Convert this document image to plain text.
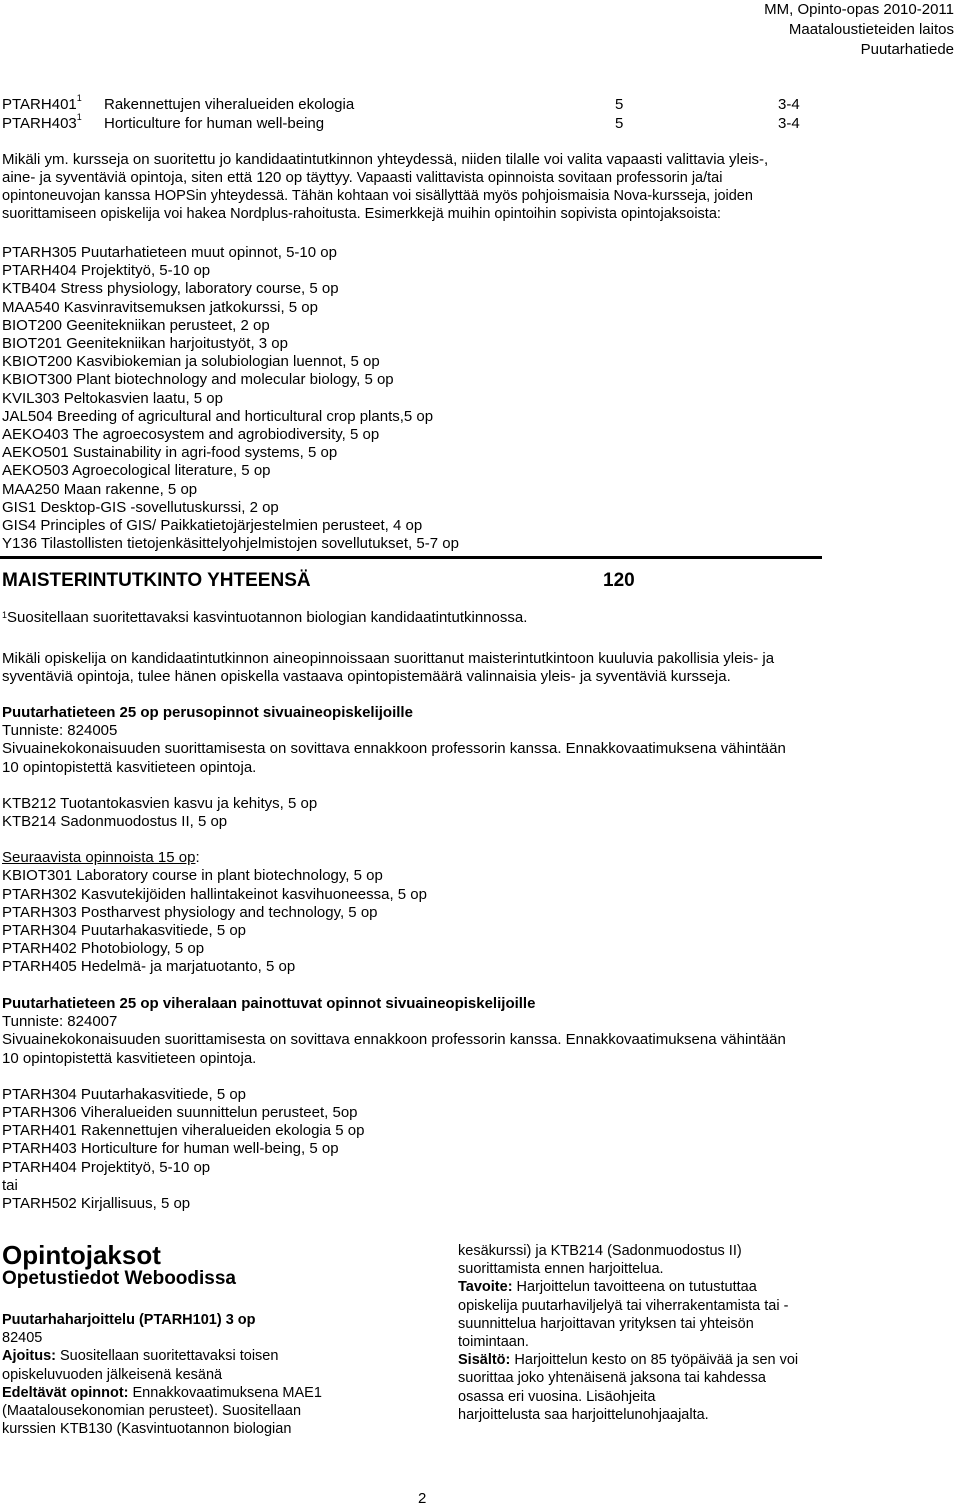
MM, Opinto-opas 2010-2011
Maataloustieteiden laitos
Puutarhatiede
$PTARH401^1$ Rakennettujen viheralueiden ekologia	5	3-4
$PTARH403^1$ Horticulture for human well-being	5	3-4
Mikäli ym. kursseja on suoritettu jo kandidaatintutkinnon yhteydessä, niiden tilalle voi valita vapaasti valittavia yleis-,
aine- ja syventäviä opintoja, siten että 120 op täyttyy. Vapaasti valittavista opinnoista sovitaan professorin ja/tai
opintoneuvojan kanssa HOPSin yhteydessä. Tähän kohtaan voi sisällyttää myös pohjoismaisia Nova-kursseja, joiden
suorittamiseen opiskelija voi hakea Nordplus-rahoitusta. Esimerkkejä muihin opintoihin sopivista opintojaksoista:
PTARH305 Puutarhatieteen muut opinnot, 5-10 op
PTARH404 Projektityö, 5-10 op
KTB404 Stress physiology, laboratory course, 5 op
MAA540 Kasvinravitsemuksen jatkokurssi, 5 op
BIOT200 Geenitekniikan perusteet, 2 op
BIOT201 Geenitekniikan harjoitustyöt, 3 op
KBIOT200 Kasvibiokemian ja solubiologian luennot, 5 op
KBIOT300 Plant biotechnology and molecular biology, 5 op
KVIL303 Peltokasvien laatu, 5 op
JAL504 Breeding of agricultural and horticultural crop plants,5 op
AEKO403 The agroecosystem and agrobiodiversity, 5 op
AEKO501 Sustainability in agri-food systems, 5 op
AEKO503 Agroecological literature, 5 op
MAA250 Maan rakenne, 5 op
GIS1 Desktop-GIS -sovellutuskurssi, 2 op
GIS4 Principles of GIS/ Paikkatietojärjestelmien perusteet, 4 op
Y136 Tilastollisten tietojenkäsittelyohjelmistojen sovellutukset, 5-7 op
MAISTERINTUTKINTO YHTEENSÄ	120
$^1$Suositellaan suoritettavaksi kasvintuotannon biologian kandidaatintutkinnossa.
Mikäli opiskelija on kandidaatintutkinnon aineopinnoissaan suorittanut maisterintutkintoon kuuluvia pakollisia yleis- ja
syventäviä opintoja, tulee hänen opiskella vastaava opintopistemäärä valinnaisia yleis- ja syventäviä kursseja.
Puutarhatieteen 25 op perusopinnot sivuaineopiskelijoille
Tunniste: 824005
Sivuainekokonaisuuden suorittamisesta on sovittava ennakkoon professorin kanssa. Ennakkovaatimuksena vähintään
10 opintopistettä kasvitieteen opintoja.
KTB212 Tuotantokasvien kasvu ja kehitys, 5 op
KTB214 Sadonmuodostus II, 5 op
Seuraavista opinnoista 15 op:
KBIOT301 Laboratory course in plant biotechnology, 5 op
PTARH302 Kasvutekijöiden hallintakeinot kasvihuoneessa, 5 op
PTARH303 Postharvest physiology and technology, 5 op
PTARH304 Puutarhakasvitiede, 5 op
PTARH402 Photobiology, 5 op
PTARH405 Hedelmä- ja marjatuotanto, 5 op
Puutarhatieteen 25 op viheralaan painottuvat opinnot sivuaineopiskelijoille
Tunniste: 824007
Sivuainekokonaisuuden suorittamisesta on sovittava ennakkoon professorin kanssa. Ennakkovaatimuksena vähintään
10 opintopistettä kasvitieteen opintoja.
PTARH304 Puutarhakasvitiede, 5 op
PTARH306 Viheralueiden suunnittelun perusteet, 5op
PTARH401 Rakennettujen viheralueiden ekologia 5 op
PTARH403 Horticulture for human well-being, 5 op
PTARH404 Projektityö, 5-10 op
tai
PTARH502 Kirjallisuus, 5 op
Opintojaksot
Opetustiedot Weboodissa
Puutarhaharjoittelu (PTARH101) 3 op
82405
Ajoitus: Suositellaan suoritettavaksi toisen
opiskeluvuoden jälkeisenä kesänä
Edeltävät opinnot: Ennakkovaatimuksena MAE1
(Maatalousekonomian perusteet). Suositellaan
kurssien KTB130 (Kasvintuotannon biologian
kesäkurssi) ja KTB214 (Sadonmuodostus II)
suorittamista ennen harjoittelua.
Tavoite: Harjoittelun tavoitteena on tutustuttaa
opiskelija puutarhaviljelyä tai viherrakentamista tai -
suunnittelua harjoittavan yrityksen tai yhteisön
toimintaan.
Sisältö: Harjoittelun kesto on 85 työpäivää ja sen voi
suorittaa joko yhtenäisenä jaksona tai kahdessa
osassa eri vuosina. Lisäohjeita
harjoittelusta saa harjoittelunohjaajalta.
2
